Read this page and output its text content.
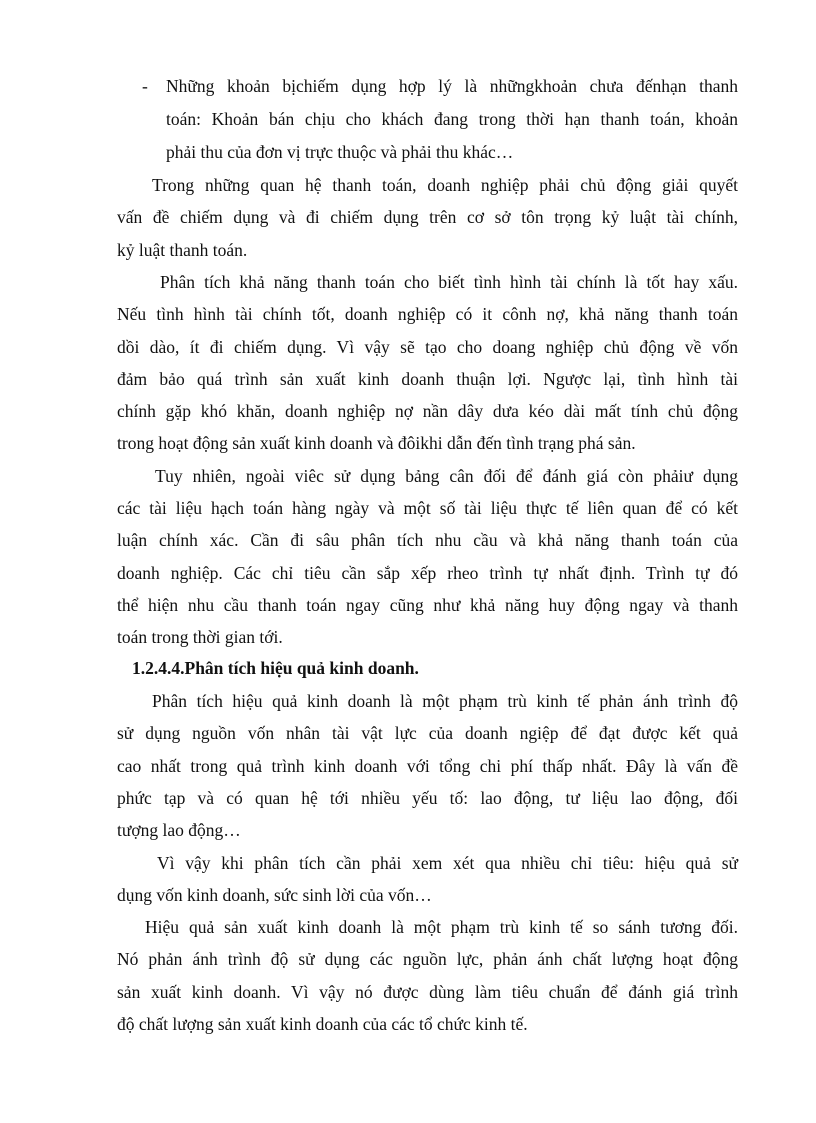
- Những khoản bịchiếm dụng hợp lý là nhữngkhoản chưa đếnhạn thanh
toán: Khoản bán chịu cho khách đang trong thời hạn thanh toán, khoản
phải thu của đơn vị trực thuộc và phải thu khác…
Trong những quan hệ thanh toán, doanh nghiệp phải chủ động giải quyết
vấn đề chiếm dụng và đi chiếm dụng trên cơ sở tôn trọng kỷ luật tài chính,
kỷ luật thanh toán.
Phân tích khả năng thanh toán cho biết tình hình tài chính là tốt hay xấu.
Nếu tình hình tài chính tốt, doanh nghiệp có it cônh nợ, khả năng thanh toán
dồi dào, ít đi chiếm dụng. Vì vậy sẽ tạo cho doang nghiệp chủ động về vốn
đảm bảo quá trình sản xuất kinh doanh thuận lợi. Ngược lại, tình hình tài
chính gặp khó khăn, doanh nghiệp nợ nần dây dưa kéo dài mất tính chủ động
trong hoạt động sản xuất kinh doanh và đôikhi dẫn đến tình trạng phá sản.
Tuy nhiên, ngoài viêc sử dụng bảng cân đối để đánh giá còn phảiư dụng
các tài liệu hạch toán hàng ngày và một số tài liệu thực tế liên quan để có kết
luận chính xác. Cần đi sâu phân tích nhu cầu và khả năng thanh toán của
doanh nghiệp. Các chỉ tiêu cần sắp xếp rheo trình tự nhất định. Trình tự đó
thể hiện nhu cầu thanh toán ngay cũng như khả năng huy động ngay và thanh
toán trong thời gian tới.
1.2.4.4.Phân tích hiệu quả kinh doanh.
Phân tích hiệu quả kinh doanh là một phạm trù kinh tế phản ánh trình độ
sử dụng nguồn vốn nhân tài vật lực của doanh ngiệp để đạt được kết quả
cao nhất trong quả trình kinh doanh với tổng chi phí thấp nhất. Đây là vấn đề
phức tạp và có quan hệ tới nhiều yếu tố: lao động, tư liệu lao động, đối
tượng lao động…
Vì vậy khi phân tích cần phải xem xét qua nhiều chỉ tiêu: hiệu quả sử
dụng vốn kinh doanh, sức sinh lời của vốn…
Hiệu quả sản xuất kinh doanh là một phạm trù kinh tế so sánh tương đối.
Nó phản ánh trình độ sử dụng các nguồn lực, phản ánh chất lượng hoạt động
sản xuất kinh doanh. Vì vậy nó được dùng làm tiêu chuẩn để đánh giá trình
độ chất lượng sản xuất kinh doanh của các tổ chức kinh tế.
